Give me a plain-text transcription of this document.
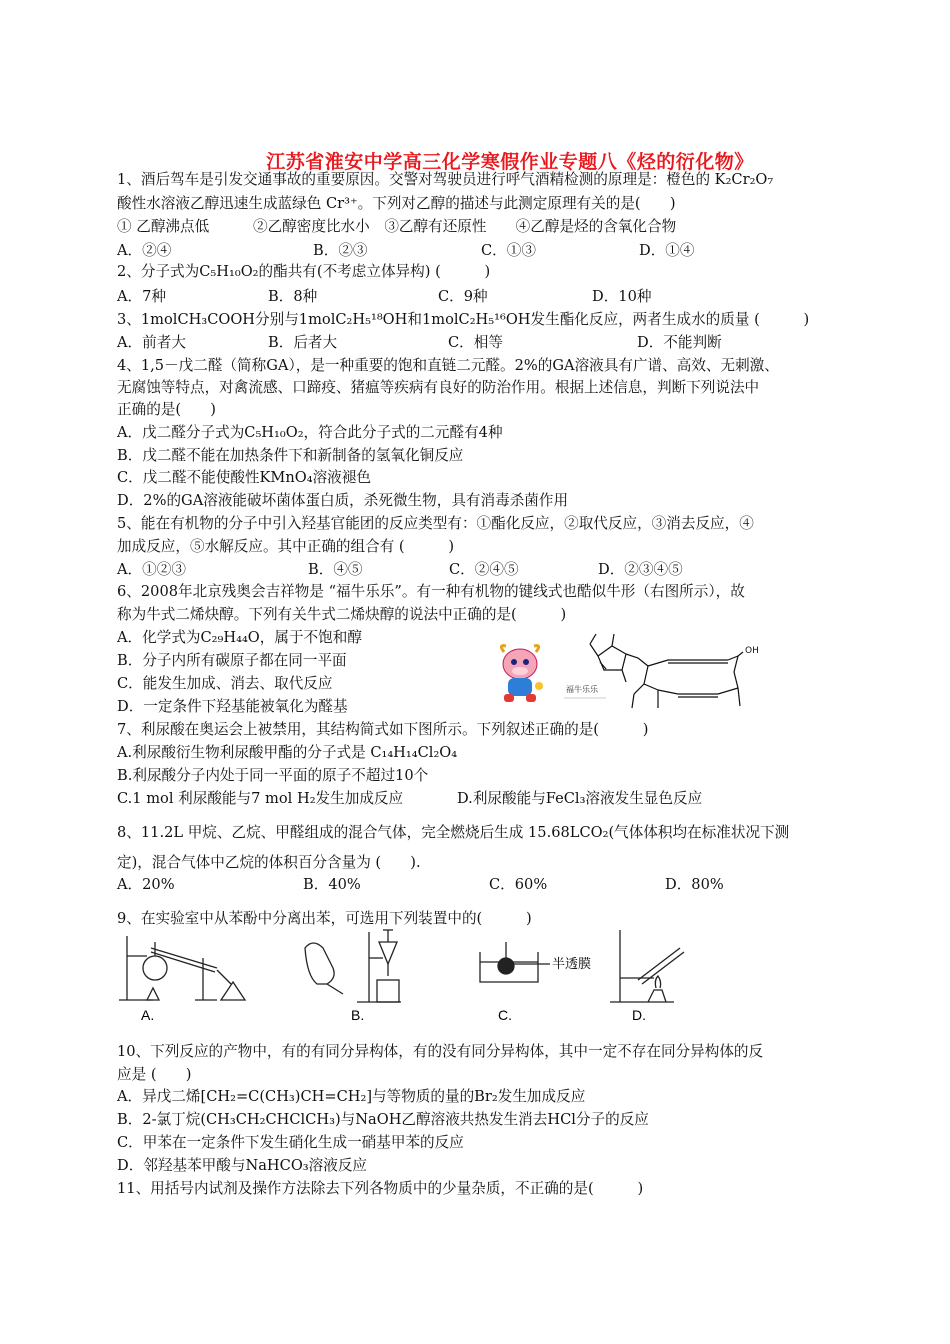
江苏省淮安中学高三化学寒假作业专题八《烃的衍化物》
1、酒后驾车是引发交通事故的重要原因。交警对驾驶员进行呼气酒精检测的原理是：橙色的 K₂Cr₂O₇
酸性水溶液乙醇迅速生成蓝绿色 Cr³⁺。下列对乙醇的描述与此测定原理有关的是(　　)
① 乙醇沸点低　　　②乙醇密度比水小　③乙醇有还原性　　④乙醇是烃的含氧化合物
A．②④	B．②③	C．①③	D．①④
2、分子式为C₅H₁₀O₂的酯共有(不考虑立体异构) (　　　)
A．7种	B．8种	C．9种	D．10种
3、1molCH₃COOH分别与1molC₂H₅¹⁸OH和1molC₂H₅¹⁶OH发生酯化反应，两者生成水的质量 (　　　)
A．前者大	B．后者大	C．相等	D．不能判断
4、1,5－戊二醛（简称GA），是一种重要的饱和直链二元醛。2%的GA溶液具有广谱、高效、无刺激、
无腐蚀等特点，对禽流感、口蹄疫、猪瘟等疾病有良好的防治作用。根据上述信息，判断下列说法中
正确的是(　　)
A．戊二醛分子式为C₅H₁₀O₂，符合此分子式的二元醛有4种
B．戊二醛不能在加热条件下和新制备的氢氧化铜反应
C．戊二醛不能使酸性KMnO₄溶液褪色
D．2%的GA溶液能破坏菌体蛋白质，杀死微生物，具有消毒杀菌作用
5、能在有机物的分子中引入羟基官能团的反应类型有：①酯化反应，②取代反应，③消去反应，④
加成反应，⑤水解反应。其中正确的组合有 (　　　)
A．①②③	B．④⑤	C．②④⑤	D．②③④⑤
6、2008年北京残奥会吉祥物是 “福牛乐乐”。有一种有机物的键线式也酷似牛形（右图所示），故
称为牛式二烯炔醇。下列有关牛式二烯炔醇的说法中正确的是(　　　)
A．化学式为C₂₉H₄₄O，属于不饱和醇
B．分子内所有碳原子都在同一平面
C．能发生加成、消去、取代反应
D．一定条件下羟基能被氧化为醛基
福牛乐乐
OH
7、利尿酸在奥运会上被禁用，其结构简式如下图所示。下列叙述正确的是(　　　)
A.利尿酸衍生物利尿酸甲酯的分子式是 C₁₄H₁₄Cl₂O₄
B.利尿酸分子内处于同一平面的原子不超过10个
C.1 mol 利尿酸能与7 mol H₂发生加成反应	D.利尿酸能与FeCl₃溶液发生显色反应
8、11.2L 甲烷、乙烷、甲醛组成的混合气体，完全燃烧后生成 15.68LCO₂(气体体积均在标准状况下测
定)，混合气体中乙烷的体积百分含量为 (　　).
A．20%	B．40%	C．60%	D．80%
9、在实验室中从苯酚中分离出苯，可选用下列装置中的(　　　)
A.	B.
半透膜
C.	D.
10、下列反应的产物中，有的有同分异构体，有的没有同分异构体，其中一定不存在同分异构体的反
应是 (　　)
A．异戊二烯[CH₂=C(CH₃)CH=CH₂]与等物质的量的Br₂发生加成反应
B．2-氯丁烷(CH₃CH₂CHClCH₃)与NaOH乙醇溶液共热发生消去HCl分子的反应
C．甲苯在一定条件下发生硝化生成一硝基甲苯的反应
D．邻羟基苯甲酸与NaHCO₃溶液反应
11、用括号内试剂及操作方法除去下列各物质中的少量杂质，不正确的是(　　　)
